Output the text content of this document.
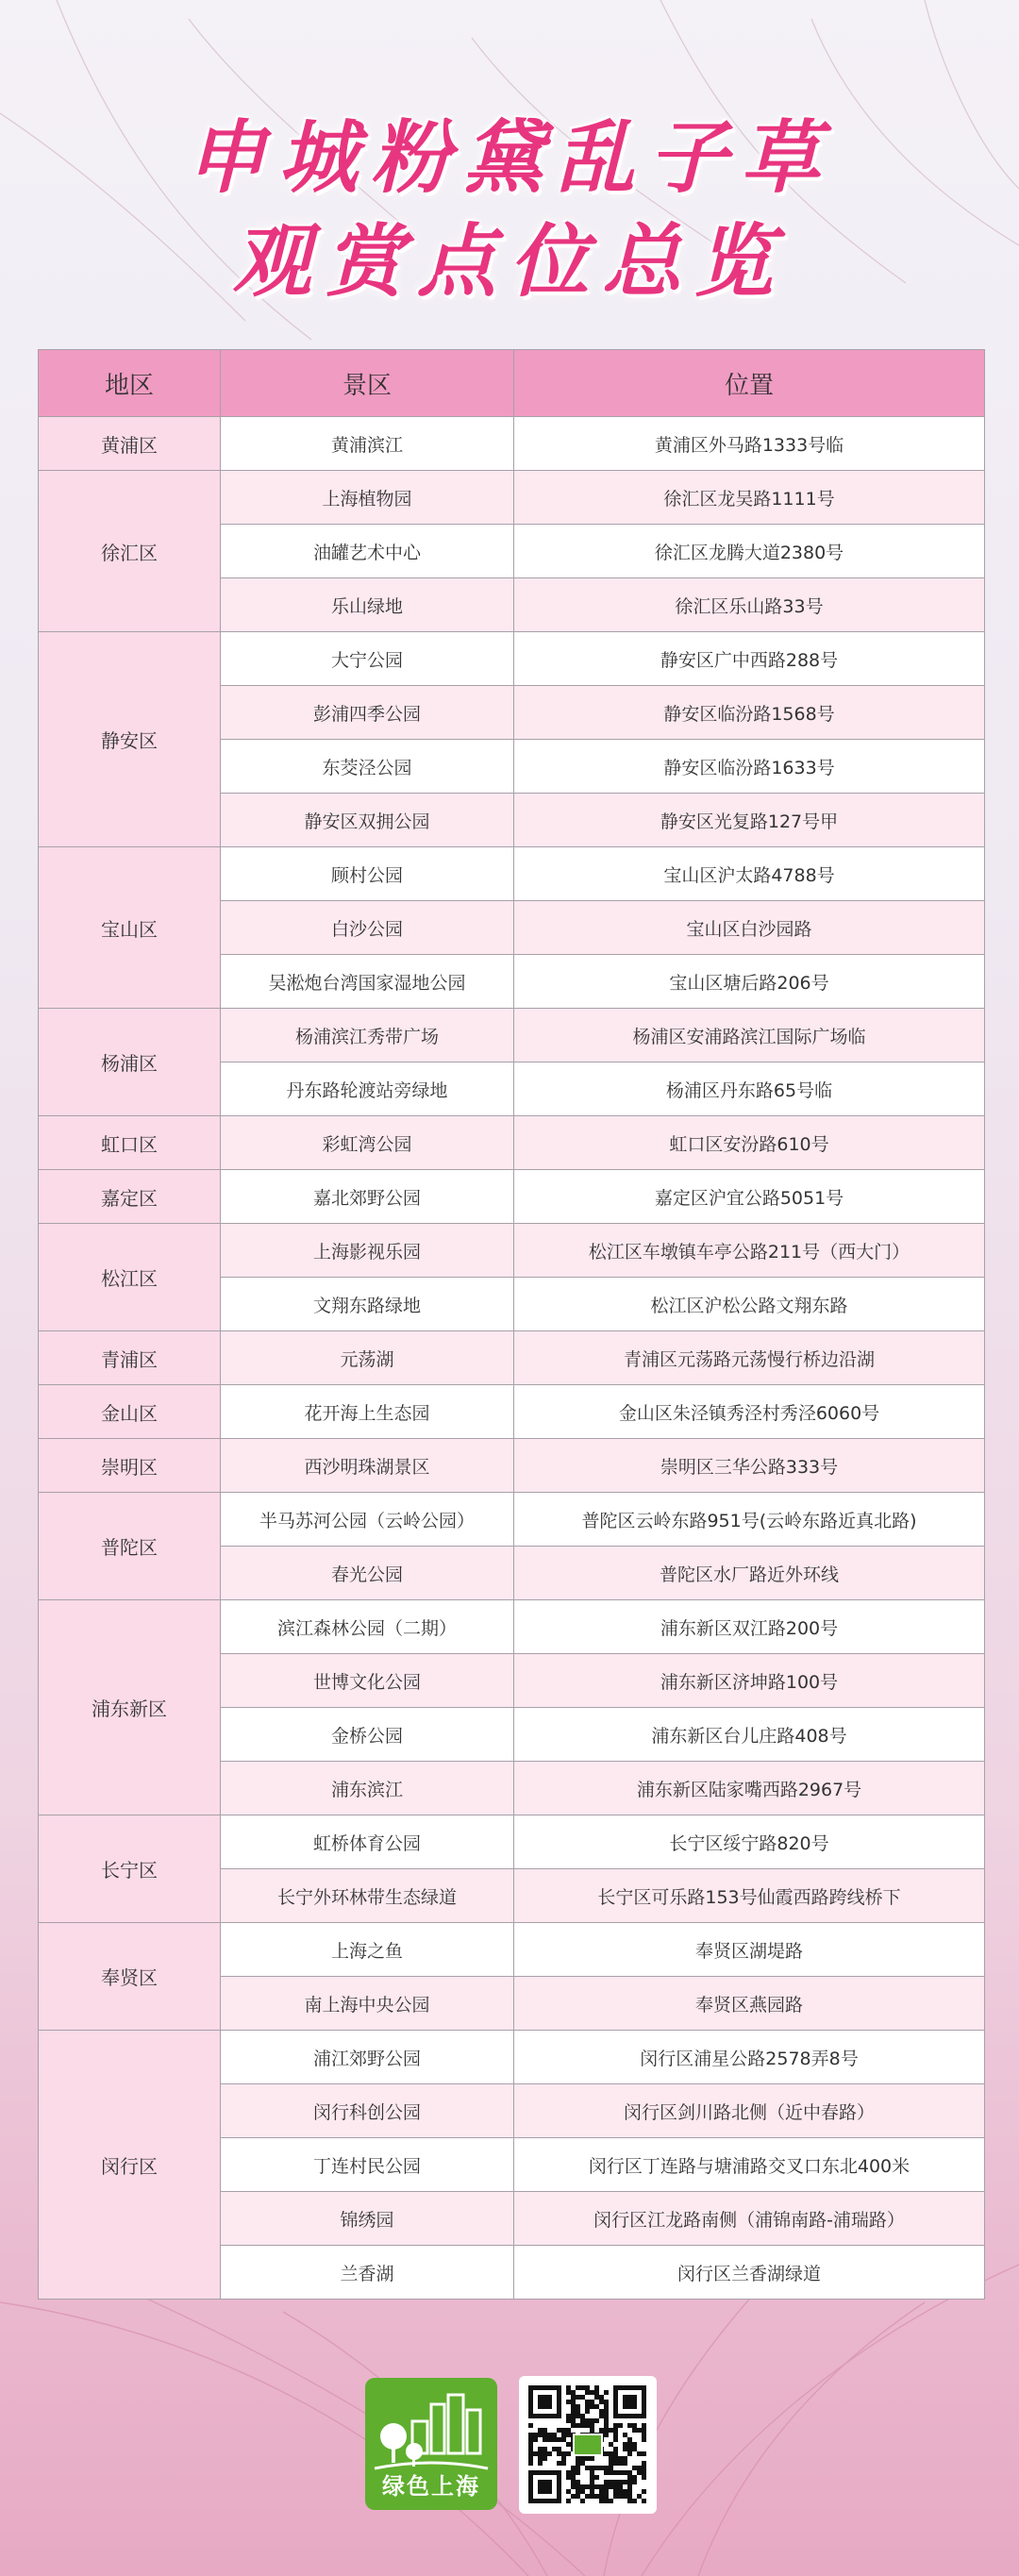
申城粉黛乱子草
观赏点位总览
地区	景区	位置
黄浦区	黄浦滨江	黄浦区外马路1333号临
徐汇区	上海植物园	徐汇区龙吴路1111号
	油罐艺术中心	徐汇区龙腾大道2380号
	乐山绿地	徐汇区乐山路33号
静安区	大宁公园	静安区广中西路288号
	彭浦四季公园	静安区临汾路1568号
	东茭泾公园	静安区临汾路1633号
	静安区双拥公园	静安区光复路127号甲
宝山区	顾村公园	宝山区沪太路4788号
	白沙公园	宝山区白沙园路
	吴淞炮台湾国家湿地公园	宝山区塘后路206号
杨浦区	杨浦滨江秀带广场	杨浦区安浦路滨江国际广场临
	丹东路轮渡站旁绿地	杨浦区丹东路65号临
虹口区	彩虹湾公园	虹口区安汾路610号
嘉定区	嘉北郊野公园	嘉定区沪宜公路5051号
松江区	上海影视乐园	松江区车墩镇车亭公路211号（西大门）
	文翔东路绿地	松江区沪松公路文翔东路
青浦区	元荡湖	青浦区元荡路元荡慢行桥边沿湖
金山区	花开海上生态园	金山区朱泾镇秀泾村秀泾6060号
崇明区	西沙明珠湖景区	崇明区三华公路333号
普陀区	半马苏河公园（云岭公园）	普陀区云岭东路951号(云岭东路近真北路)
	春光公园	普陀区水厂路近外环线
浦东新区	滨江森林公园（二期）	浦东新区双江路200号
	世博文化公园	浦东新区济坤路100号
	金桥公园	浦东新区台儿庄路408号
	浦东滨江	浦东新区陆家嘴西路2967号
长宁区	虹桥体育公园	长宁区绥宁路820号
	长宁外环林带生态绿道	长宁区可乐路153号仙霞西路跨线桥下
奉贤区	上海之鱼	奉贤区湖堤路
	南上海中央公园	奉贤区燕园路
闵行区	浦江郊野公园	闵行区浦星公路2578弄8号
	闵行科创公园	闵行区剑川路北侧（近中春路）
	丁连村民公园	闵行区丁连路与塘浦路交叉口东北400米
	锦绣园	闵行区江龙路南侧（浦锦南路-浦瑞路）
	兰香湖	闵行区兰香湖绿道
绿色上海
